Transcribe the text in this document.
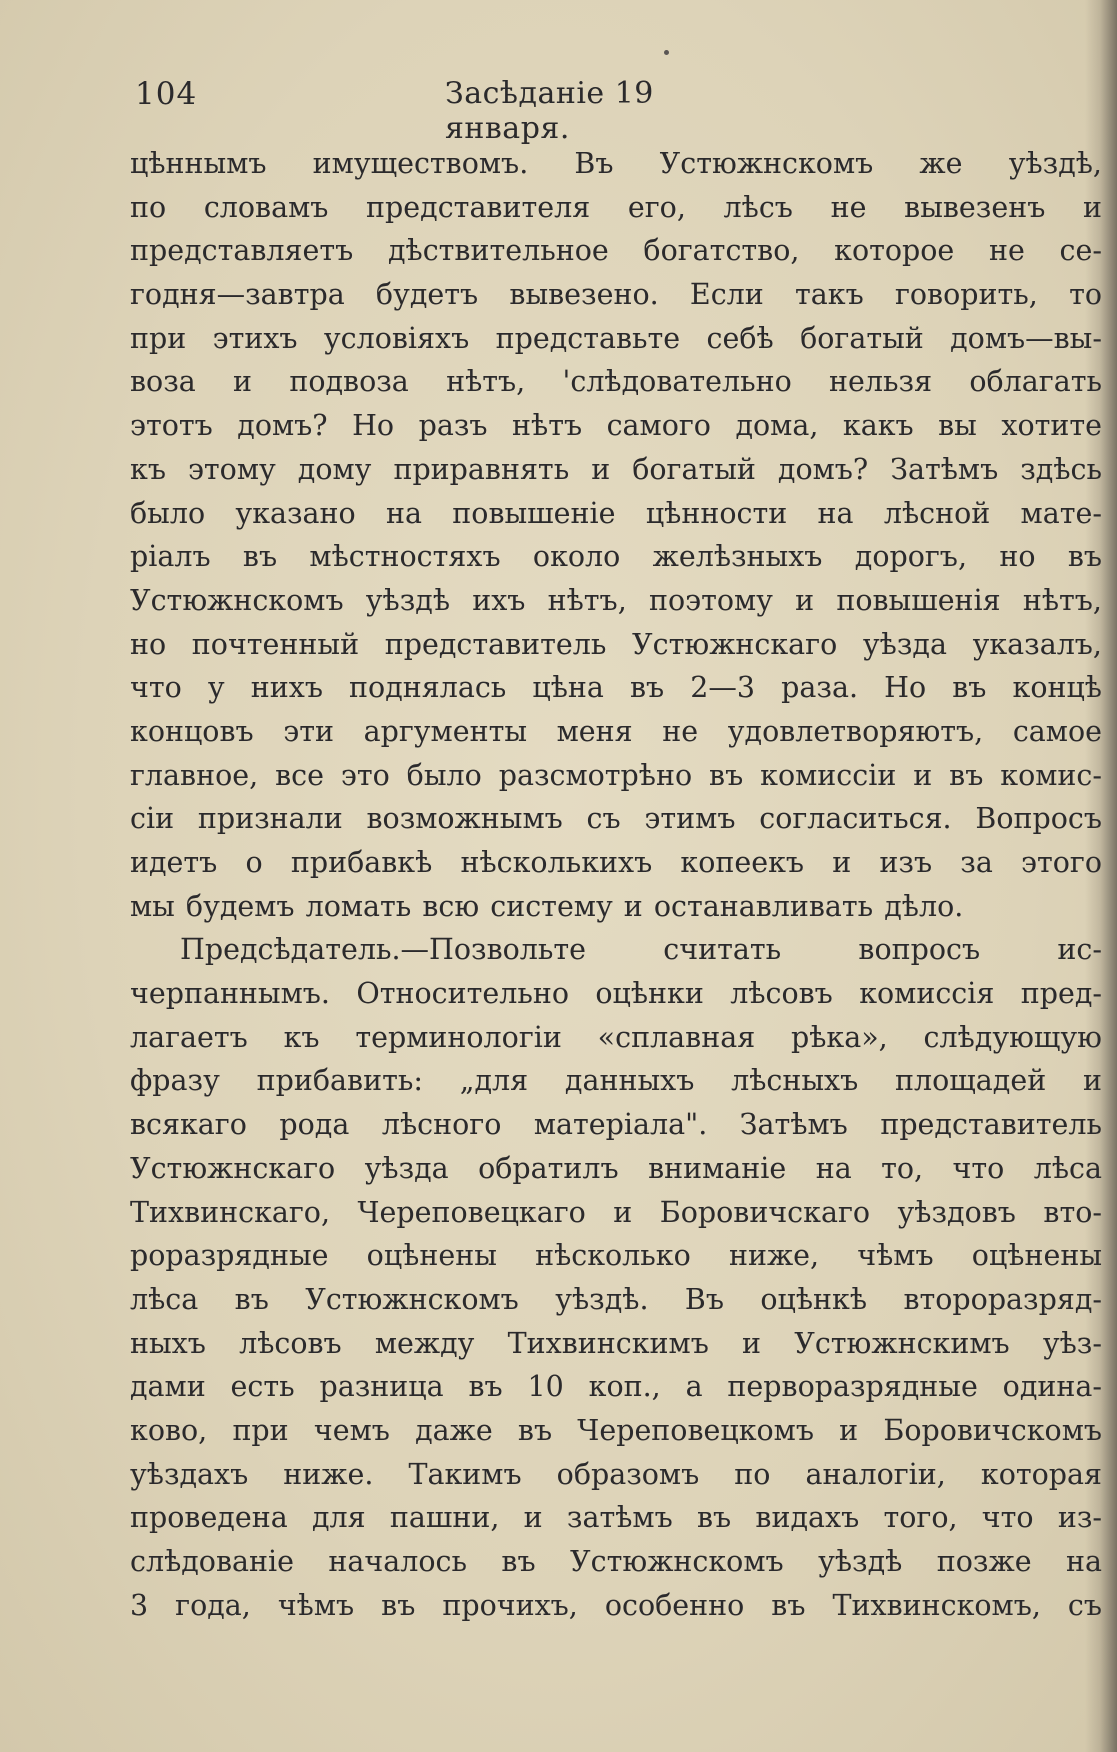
104	Засѣданіе 19 января.
цѣннымъ имуществомъ. Въ Устюжнскомъ же уѣздѣ,
по словамъ представителя его, лѣсъ не вывезенъ и
представляетъ дѣствительное богатство, которое не се-
годня—завтра будетъ вывезено. Если такъ говорить, то
при этихъ условіяхъ представьте себѣ богатый домъ—вы-
воза и подвоза нѣтъ, 'слѣдовательно нельзя облагать
этотъ домъ? Но разъ нѣтъ самого дома, какъ вы хотите
къ этому дому приравнять и богатый домъ? Затѣмъ здѣсь
было указано на повышеніе цѣнности на лѣсной мате-
ріалъ въ мѣстностяхъ около желѣзныхъ дорогъ, но въ
Устюжнскомъ уѣздѣ ихъ нѣтъ, поэтому и повышенія нѣтъ,
но почтенный представитель Устюжнскаго уѣзда указалъ,
что у нихъ поднялась цѣна въ 2—3 раза. Но въ концѣ
концовъ эти аргументы меня не удовлетворяютъ, самое
главное, все это было разсмотрѣно въ комиссіи и въ комис-
сіи признали возможнымъ съ этимъ согласиться. Вопросъ
идетъ о прибавкѣ нѣсколькихъ копеекъ и изъ за этого
мы будемъ ломать всю систему и останавливать дѣло.
Предсѣдатель.—Позвольте считать вопросъ ис-
черпаннымъ. Относительно оцѣнки лѣсовъ комиссія пред-
лагаетъ къ терминологіи «сплавная рѣка», слѣдующую
фразу прибавить: „для данныхъ лѣсныхъ площадей и
всякаго рода лѣсного матеріала". Затѣмъ представитель
Устюжнскаго уѣзда обратилъ вниманіе на то, что лѣса
Тихвинскаго, Череповецкаго и Боровичскаго уѣздовъ вто-
роразрядные оцѣнены нѣсколько ниже, чѣмъ оцѣнены
лѣса въ Устюжнскомъ уѣздѣ. Въ оцѣнкѣ второразряд-
ныхъ лѣсовъ между Тихвинскимъ и Устюжнскимъ уѣз-
дами есть разница въ 10 коп., а перворазрядные одина-
ково, при чемъ даже въ Череповецкомъ и Боровичскомъ
уѣздахъ ниже. Такимъ образомъ по аналогіи, которая
проведена для пашни, и затѣмъ въ видахъ того, что из-
слѣдованіе началось въ Устюжнскомъ уѣздѣ позже на
3 года, чѣмъ въ прочихъ, особенно въ Тихвинскомъ, съ
